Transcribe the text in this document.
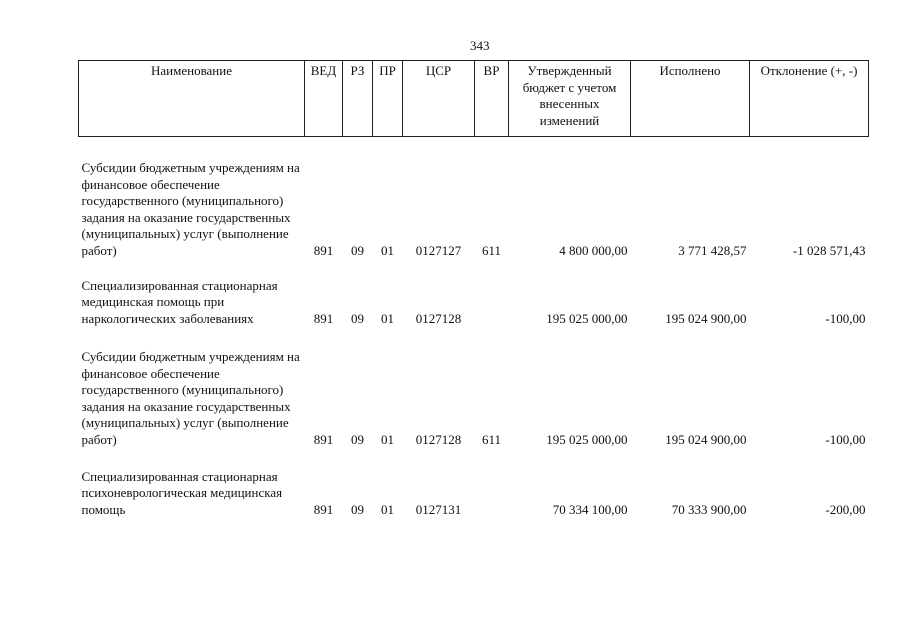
343
Наименование	ВЕД	РЗ	ПР	ЦСР	ВР	Утвержденный бюджет с учетом внесенных изменений	Исполнено	Отклонение (+, -)
Субсидии бюджетным учреждениям на финансовое обеспечение государственного (муниципального) задания на оказание государственных (муниципальных) услуг (выполнение работ)	891	09	01	0127127	611	4 800 000,00	3 771 428,57	-1 028 571,43
Специализированная стационарная медицинская помощь при наркологических заболеваниях	891	09	01	0127128		195 025 000,00	195 024 900,00	-100,00
Субсидии бюджетным учреждениям на финансовое обеспечение государственного (муниципального) задания на оказание государственных (муниципальных) услуг (выполнение работ)	891	09	01	0127128	611	195 025 000,00	195 024 900,00	-100,00
Специализированная стационарная психоневрологическая медицинская помощь	891	09	01	0127131		70 334 100,00	70 333 900,00	-200,00
